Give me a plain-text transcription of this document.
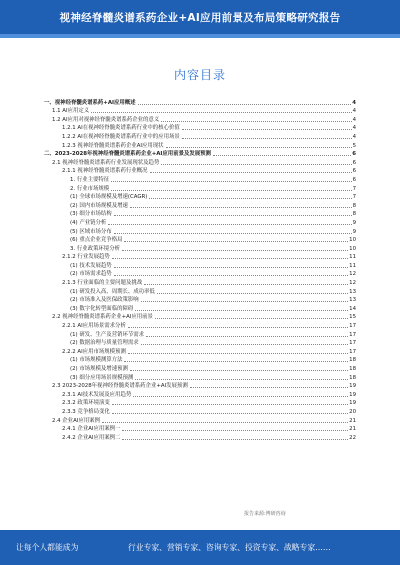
视神经脊髓炎谱系药企业+AI应用前景及布局策略研究报告
内容目录
一、视神经脊髓炎谱系药+AI应用概述	4
1.1 AI应用定义	4
1.2 AI应用对视神经脊髓炎谱系药企业的意义	4
1.2.1 AI在视神经脊髓炎谱系药行业中的核心价值	4
1.2.2 AI在视神经脊髓炎谱系药行业中的应用场景	4
1.2.3 视神经脊髓炎谱系药企业AI应用现状	5
二、2023-2028年视神经脊髓炎谱系药企业+AI应用前景及发展预测	6
2.1 视神经脊髓炎谱系药行业发展现状及趋势	6
2.1.1 视神经脊髓炎谱系药行业概况	6
1. 行业主要特征	6
2. 行业市场规模	7
(1) 全球市场规模及增速(CAGR)	7
(2) 国内市场规模及增速	8
(3) 细分市场结构	8
(4) 产业链分析	9
(5) 区域市场分布	9
(6) 重点企业竞争格局	10
3. 行业政策环境分析	10
2.1.2 行业发展趋势	11
(1) 技术发展趋势	11
(2) 市场需求趋势	12
2.1.3 行业面临的主要问题及挑战	12
(1) 研发投入高、周期长、成功率低	13
(2) 市场准入及医保政策影响	13
(3) 数字化转型面临的障碍	14
2.2 视神经脊髓炎谱系药企业+AI应用前景	15
2.2.1 AI应用场景需求分析	17
(1) 研发、生产及营销环节需求	17
(2) 数据治理与质量管理需求	17
2.2.2 AI应用市场规模预测	17
(1) 市场规模测算方法	18
(2) 市场规模及增速预测	18
(3) 细分应用场景规模预测	18
2.3 2023-2028年视神经脊髓炎谱系药企业+AI发展预测	19
2.3.1 AI技术发展及应用趋势	19
2.3.2 政策环境演变	19
2.3.3 竞争格局变化	20
2.4 企业AI应用案例	21
2.4.1 企业AI应用案例一	21
2.4.2 企业AI应用案例二	22
报告来源:博研咨询
让每个人都能成为	行业专家、营销专家、咨询专家、投资专家、战略专家……
